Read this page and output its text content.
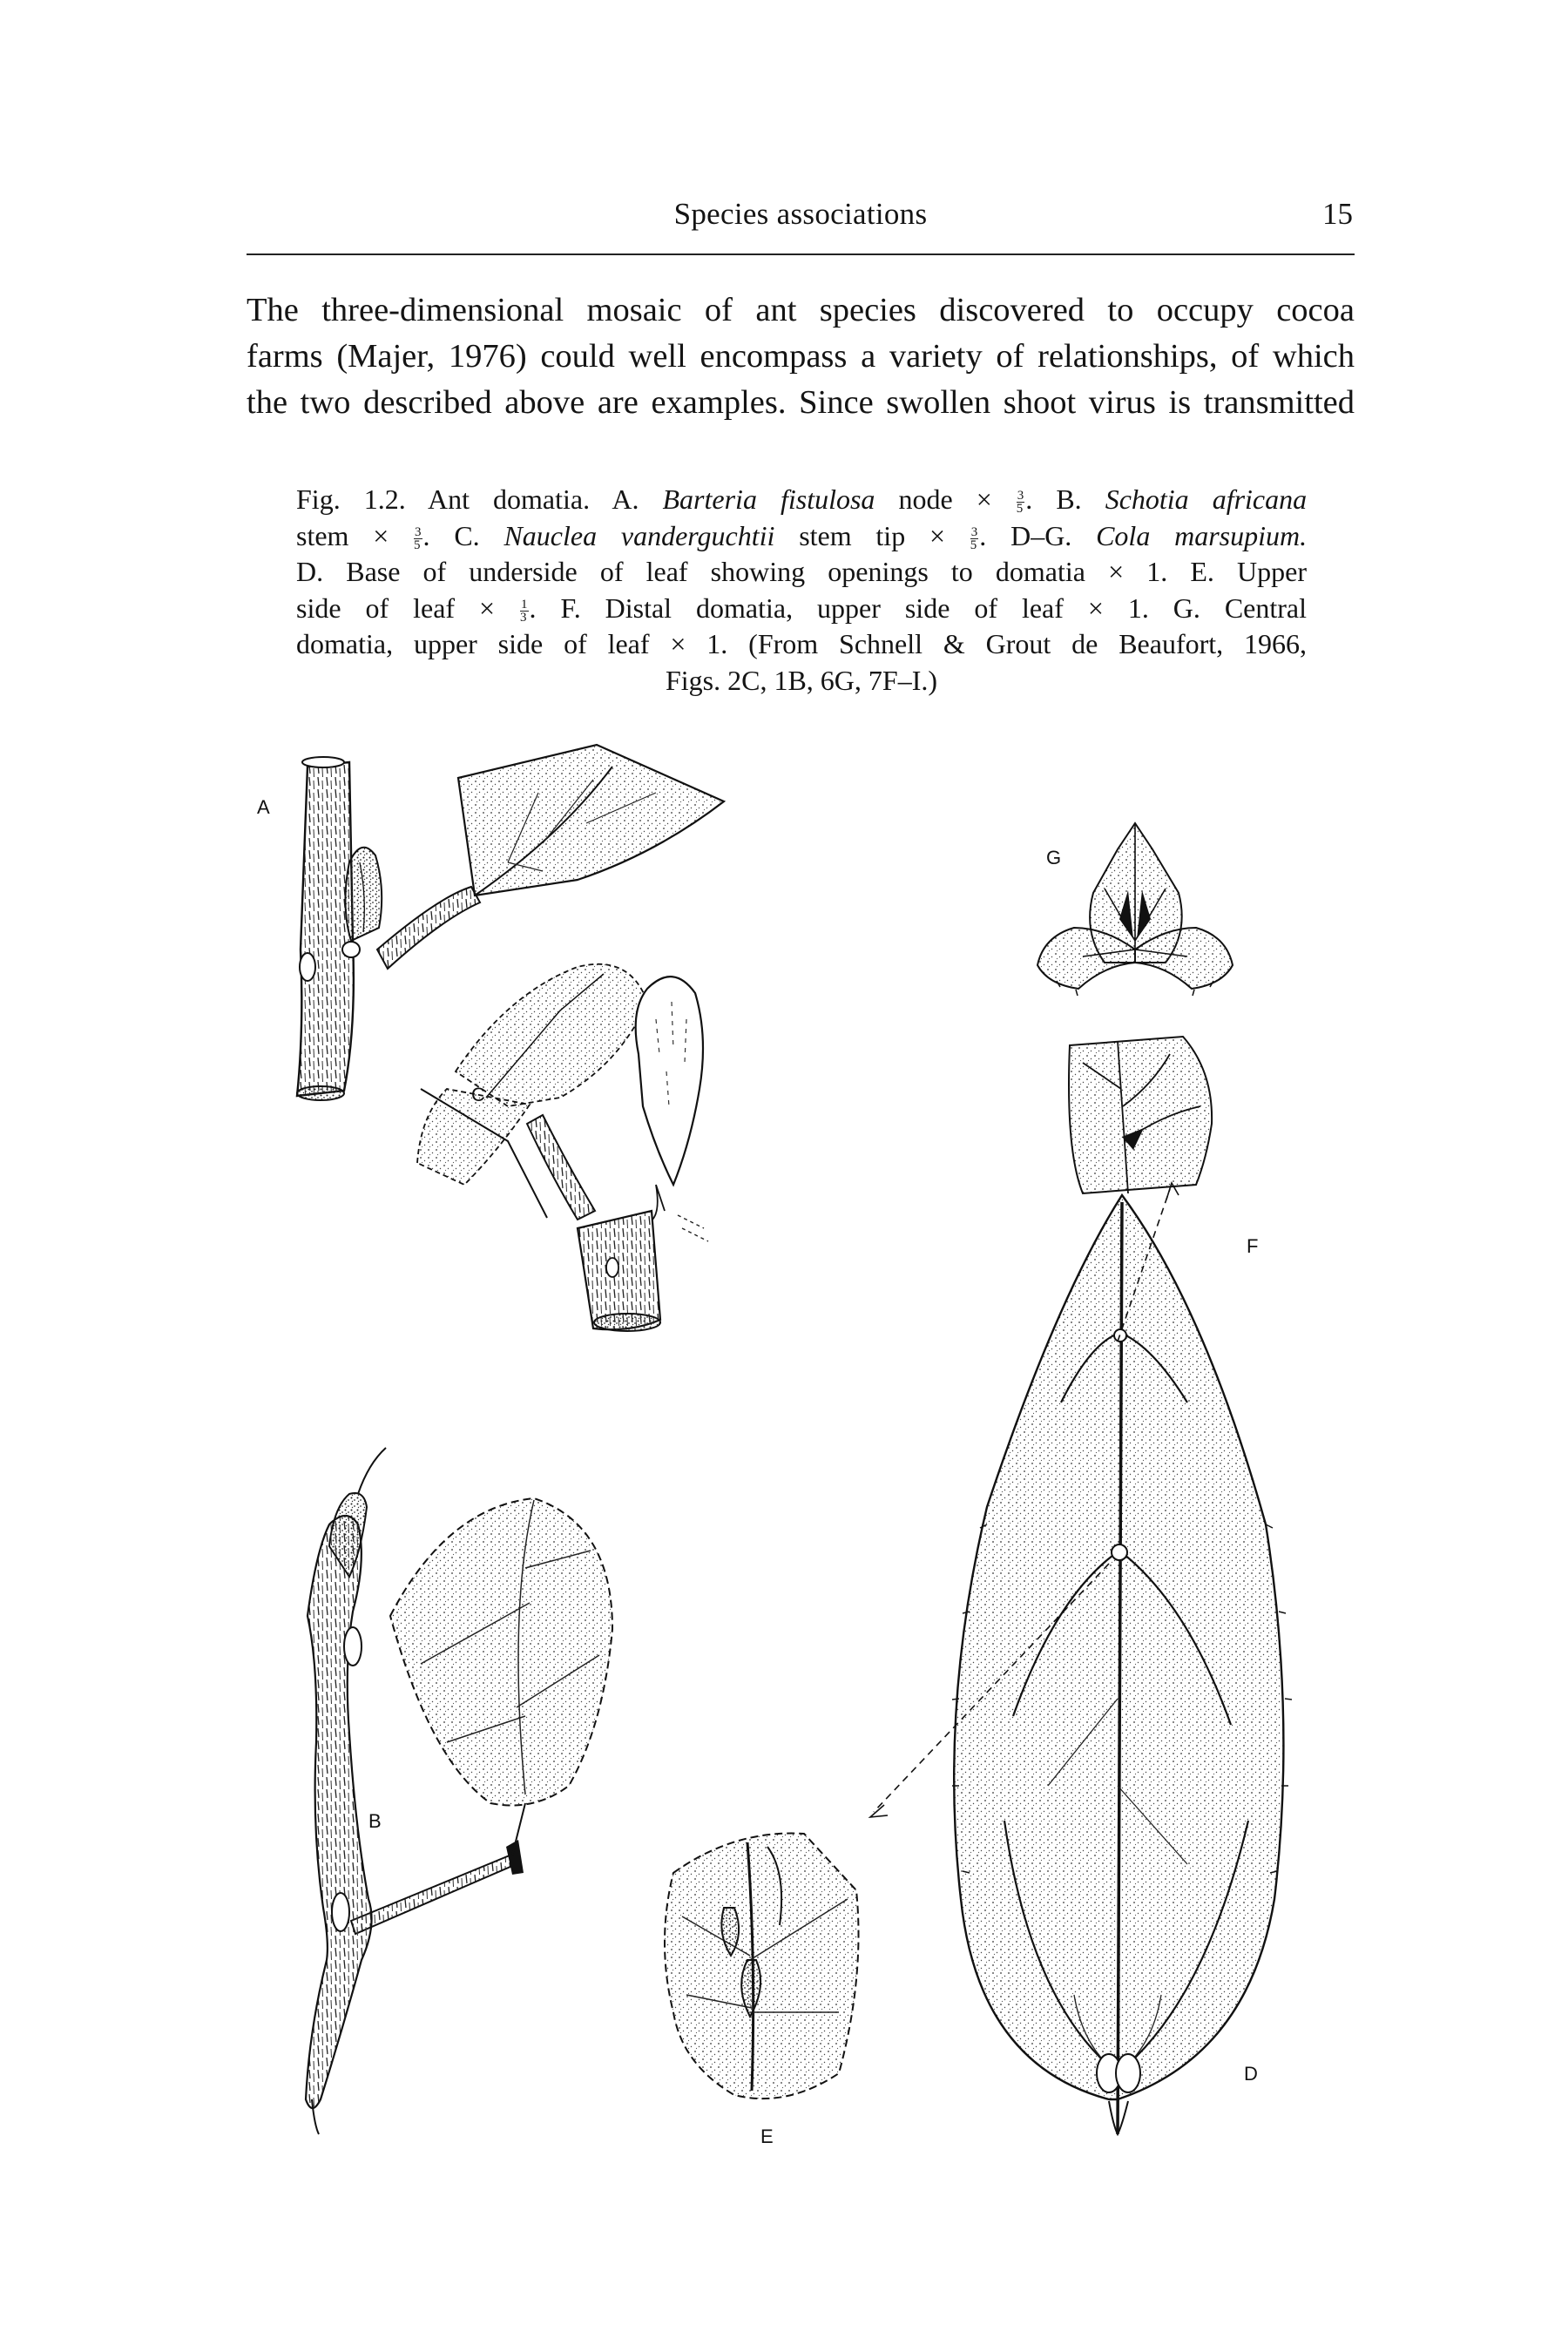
Species associations	15

The three-dimensional mosaic of ant species discovered to occupy cocoa
farms (Majer, 1976) could well encompass a variety of relationships, of which
the two described above are examples. Since swollen shoot virus is transmitted

Fig. 1.2. Ant domatia. A. Barteria fistulosa node × $\frac{3}{5}$ . B. Schotia africana
stem × $\frac{3}{5}$ . C. Nauclea vanderguchtii stem tip × $\frac{3}{5}$ . D–G. Cola marsupium.
D. Base of underside of leaf showing openings to domatia × 1. E. Upper
side of leaf × $\frac{1}{3}$ . F. Distal domatia, upper side of leaf × 1. G. Central
domatia, upper side of leaf × 1. (From Schnell & Grout de Beaufort, 1966,
Figs. 2C, 1B, 6G, 7F–I.)
A
G
C
F
D
E
B
